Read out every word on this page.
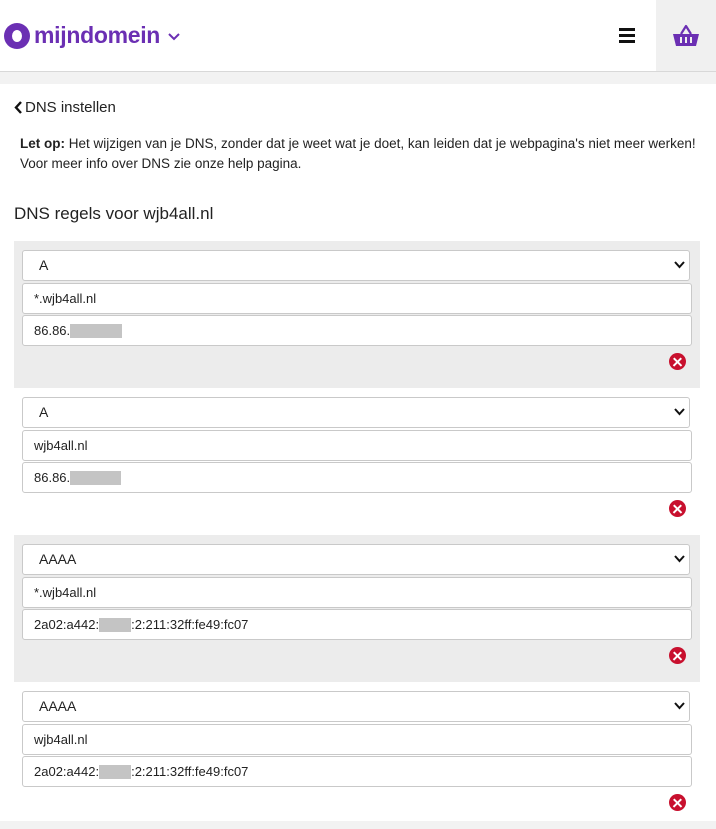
mijndomein
DNS instellen
Let op: Het wijzigen van je DNS, zonder dat je weet wat je doet, kan leiden dat je webpagina's niet meer werken! Voor meer info over DNS zie onze help pagina.
DNS regels voor wjb4all.nl
A
*.wjb4all.nl
86.86.
A
wjb4all.nl
86.86.
AAAA
*.wjb4all.nl
2a02:a442: :2:211:32ff:fe49:fc07
AAAA
wjb4all.nl
2a02:a442: :2:211:32ff:fe49:fc07
